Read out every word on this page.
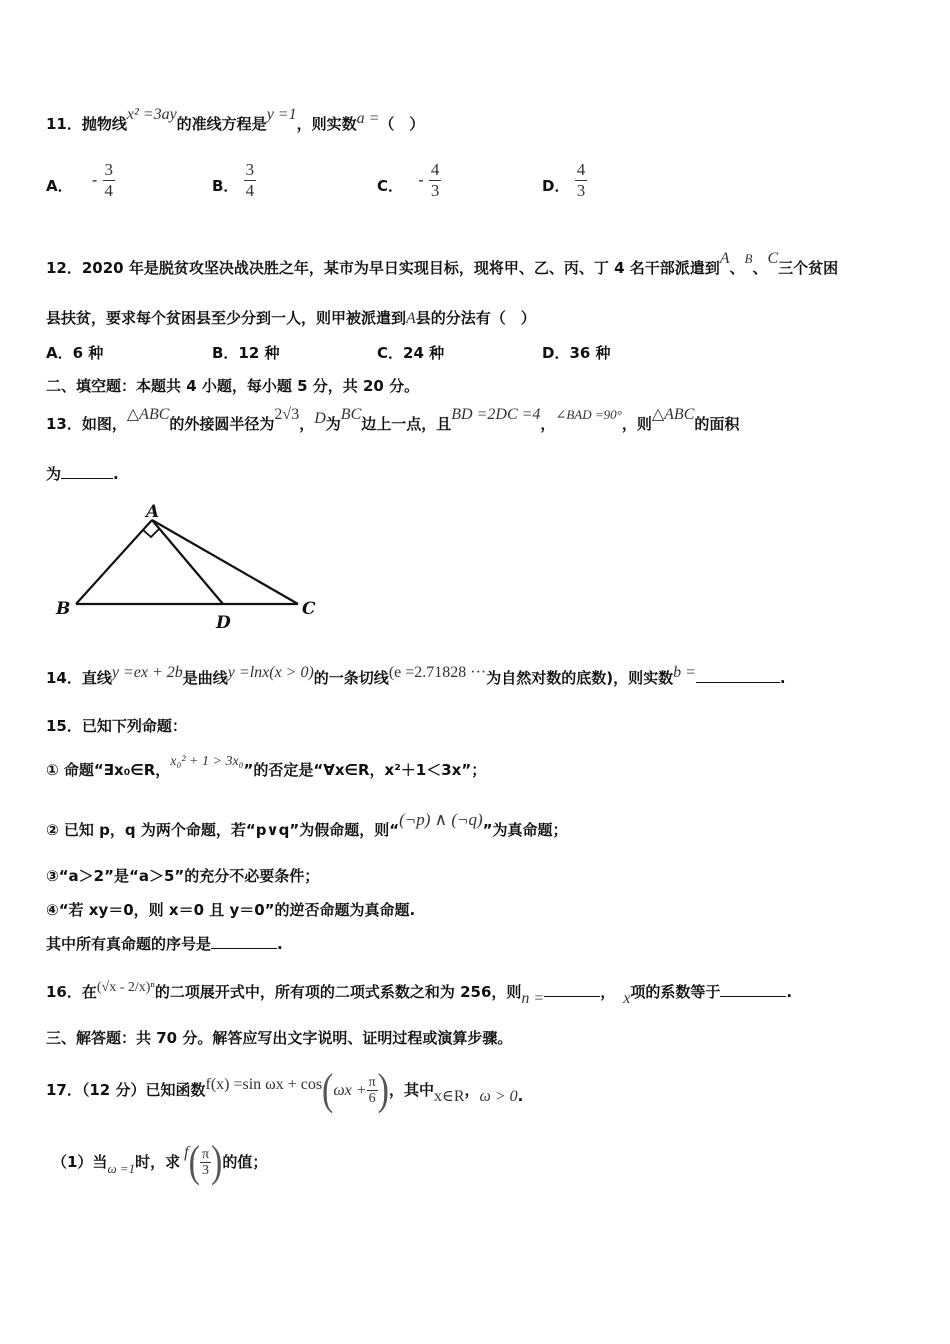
11．抛物线x² =3ay的准线方程是y =1，则实数a =（　）
A． - $\frac{3}{4}$	B． $\frac{3}{4}$	C． - $\frac{4}{3}$	D． $\frac{4}{3}$
12．2020 年是脱贫攻坚决战决胜之年，某市为早日实现目标，现将甲、乙、丙、丁 4 名干部派遣到A、B、C三个贫困
县扶贫，要求每个贫困县至少分到一人，则甲被派遣到A县的分法有（　）
A．6 种	B．12 种	C．24 种	D．36 种
二、填空题：本题共 4 小题，每小题 5 分，共 20 分。
13．如图，△ABC的外接圆半径为2√3，D为BC边上一点，且BD =2DC =4，∠BAD =90°，则△ABC的面积
为	.
A
B	C
D
14．直线y =ex + 2b是曲线y =lnx(x > 0)的一条切线(e =2.71828 ···为自然对数的底数)，则实数b =	.
15．已知下列命题：
① 命题“∃x₀∈R，x₀² + 1 > 3x₀”的否定是“∀x∈R，x²＋1＜3x”；
② 已知 p，q 为两个命题，若“p∨q”为假命题，则“(¬p) ∧ (¬q)”为真命题；
③“a＞2”是“a＞5”的充分不必要条件；
④“若 xy＝0，则 x＝0 且 y＝0”的逆否命题为真命题.
其中所有真命题的序号是	.
16．在(√x - 2/x)ⁿ的二项展开式中，所有项的二项式系数之和为 256，则n =	， x项的系数等于	.
三、解答题：共 70 分。解答应写出文字说明、证明过程或演算步骤。
17．（12 分）已知函数f(x) =sin $\omega x + \cos(\omega x + \frac{\pi}{6}$ )，其中x∈R，ω > 0.
（1）当ω =1时，求$f( \frac{\pi}{3}$ )的值；
